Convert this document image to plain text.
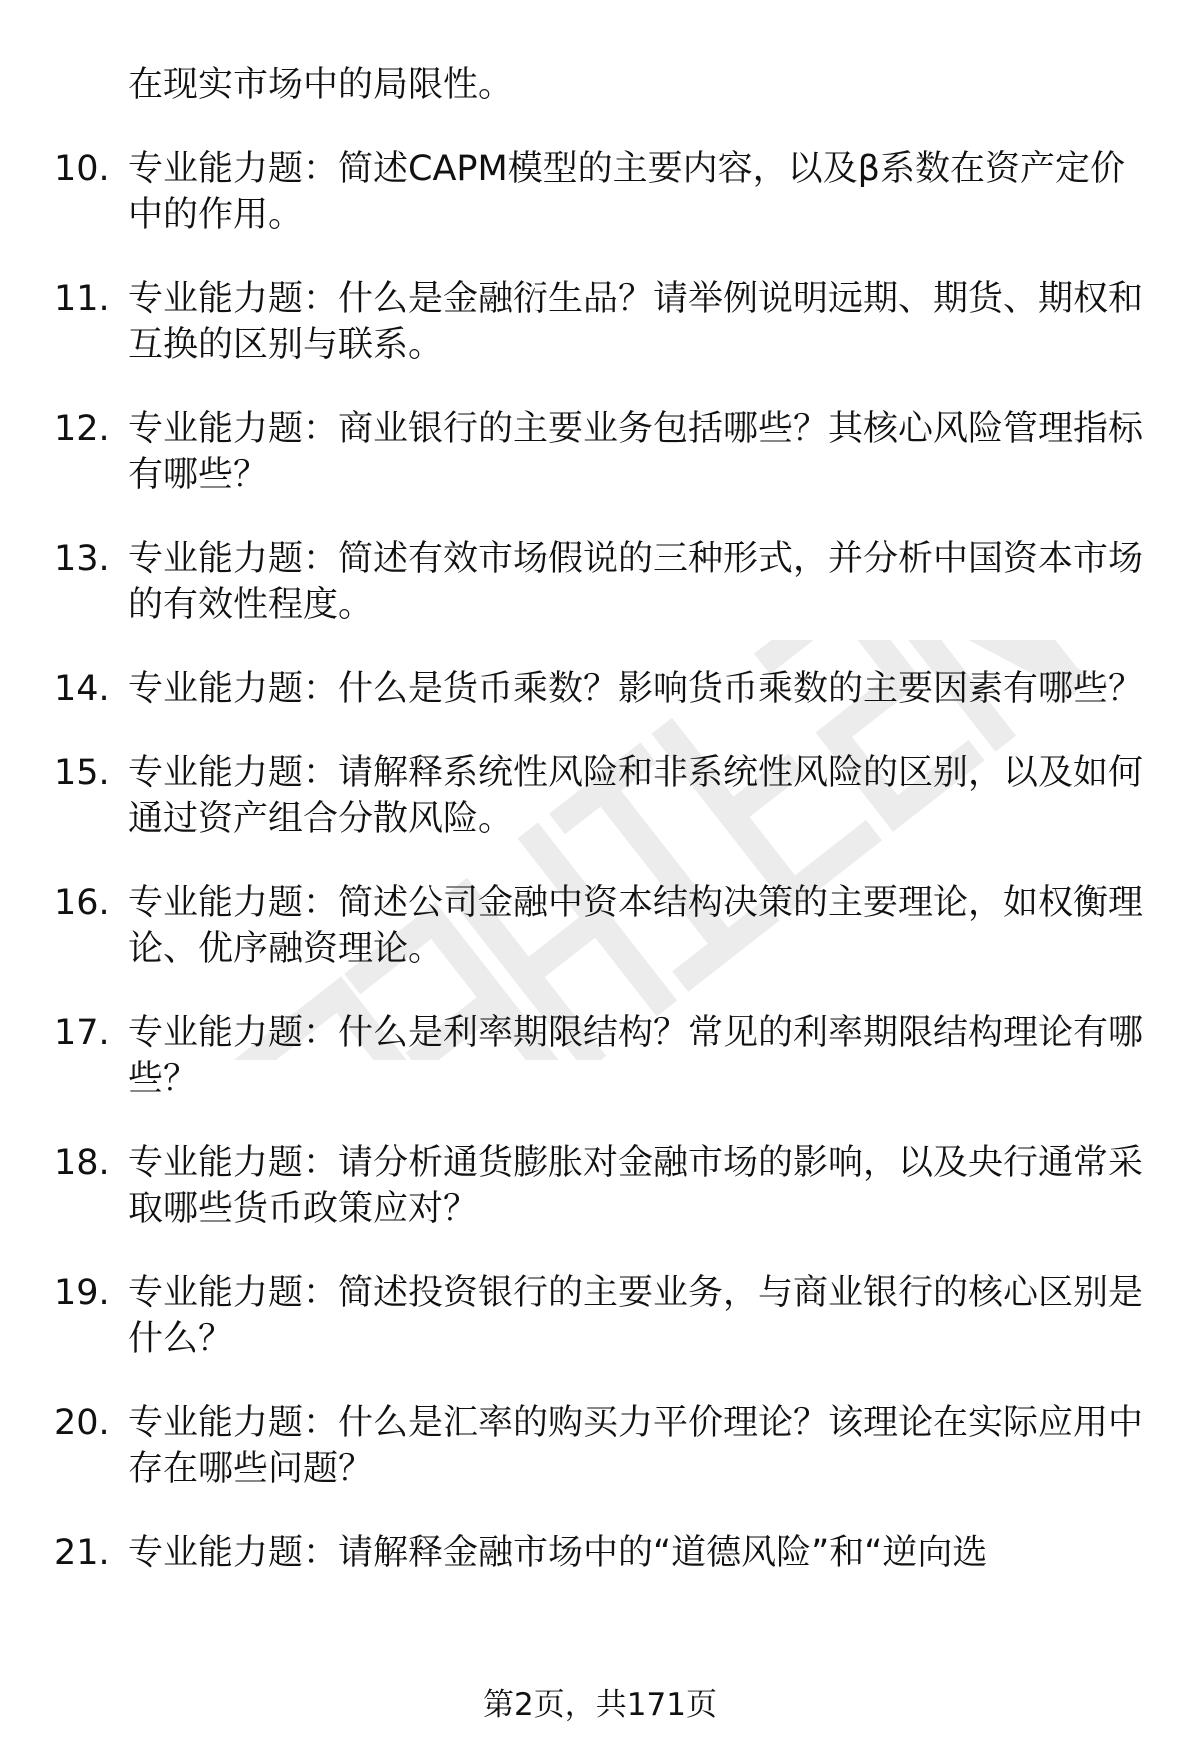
在现实市场中的局限性。
10. 专业能力题：简述CAPM模型的主要内容，以及β系数在资产定价中的作用。
11. 专业能力题：什么是金融衍生品？请举例说明远期、期货、期权和互换的区别与联系。
12. 专业能力题：商业银行的主要业务包括哪些？其核心风险管理指标有哪些？
13. 专业能力题：简述有效市场假说的三种形式，并分析中国资本市场的有效性程度。
14. 专业能力题：什么是货币乘数？影响货币乘数的主要因素有哪些？
15. 专业能力题：请解释系统性风险和非系统性风险的区别，以及如何通过资产组合分散风险。
16. 专业能力题：简述公司金融中资本结构决策的主要理论，如权衡理论、优序融资理论。
17. 专业能力题：什么是利率期限结构？常见的利率期限结构理论有哪些？
18. 专业能力题：请分析通货膨胀对金融市场的影响，以及央行通常采取哪些货币政策应对？
19. 专业能力题：简述投资银行的主要业务，与商业银行的核心区别是什么？
20. 专业能力题：什么是汇率的购买力平价理论？该理论在实际应用中存在哪些问题？
21. 专业能力题：请解释金融市场中的“道德风险”和“逆向选
第2页，共171页
